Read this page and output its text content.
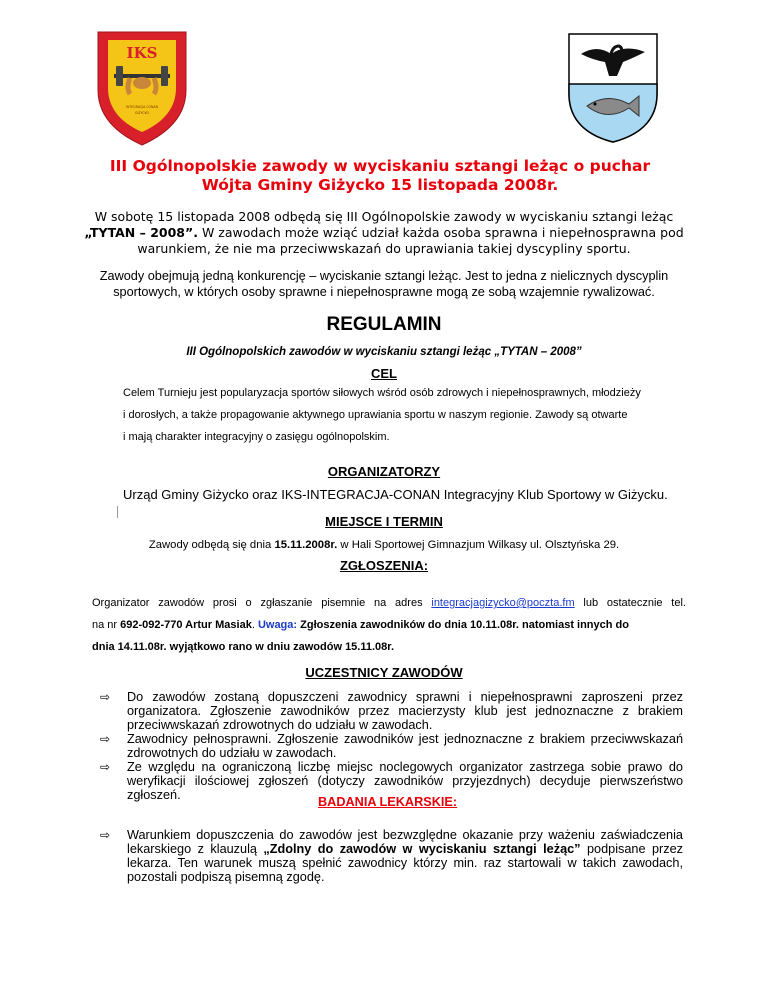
IKS
INTEGRACJA CONAN
GIŻYCKO
III Ogólnopolskie zawody w wyciskaniu sztangi leżąc o puchar
Wójta Gminy Giżycko 15 listopada 2008r.
W sobotę 15 listopada 2008 odbędą się III Ogólnopolskie zawody w wyciskaniu sztangi leżąc
„TYTAN – 2008”. W zawodach może wziąć udział każda osoba sprawna i niepełnosprawna pod warunkiem, że nie ma przeciwwskazań do uprawiania takiej dyscypliny sportu.
Zawody obejmują jedną konkurencję – wyciskanie sztangi leżąc. Jest to jedna z nielicznych dyscyplin sportowych, w których osoby sprawne i niepełnosprawne mogą ze sobą wzajemnie rywalizować.
REGULAMIN
III Ogólnopolskich zawodów w wyciskaniu sztangi leżąc „TYTAN – 2008”
CEL
Celem Turnieju jest popularyzacja sportów siłowych wśród osób zdrowych i niepełnosprawnych, młodzieży
i dorosłych, a także propagowanie aktywnego uprawiania sportu w naszym regionie. Zawody są otwarte
i mają charakter integracyjny o zasięgu ogólnopolskim.
ORGANIZATORZY
Urząd Gminy Giżycko oraz IKS-INTEGRACJA-CONAN Integracyjny Klub Sportowy w Giżycku.
MIEJSCE I TERMIN
Zawody odbędą się dnia 15.11.2008r. w Hali Sportowej Gimnazjum Wilkasy ul. Olsztyńska 29.
ZGŁOSZENIA:
Organizator zawodów prosi o zgłaszanie pisemnie na adres integracjagizycko@poczta.fm lub ostatecznie tel.
na nr 692-092-770 Artur Masiak. Uwaga: Zgłoszenia zawodników do dnia 10.11.08r. natomiast innych do
dnia 14.11.08r. wyjątkowo rano w dniu zawodów 15.11.08r.
UCZESTNICY ZAWODÓW
⇨ Do zawodów zostaną dopuszczeni zawodnicy sprawni i niepełnosprawni zaproszeni przez organizatora. Zgłoszenie zawodników przez macierzysty klub jest jednoznaczne z brakiem przeciwwskazań zdrowotnych do udziału w zawodach.
⇨ Zawodnicy pełnosprawni. Zgłoszenie zawodników jest jednoznaczne z brakiem przeciwwskazań zdrowotnych do udziału w zawodach.
⇨ Ze względu na ograniczoną liczbę miejsc noclegowych organizator zastrzega sobie prawo do weryfikacji ilościowej zgłoszeń (dotyczy zawodników przyjezdnych) decyduje pierwszeństwo zgłoszeń.	BADANIA LEKARSKIE:
⇨ Warunkiem dopuszczenia do zawodów jest bezwzględne okazanie przy ważeniu zaświadczenia lekarskiego z klauzulą „Zdolny do zawodów w wyciskaniu sztangi leżąc” podpisane przez lekarza. Ten warunek muszą spełnić zawodnicy którzy min. raz startowali w takich zawodach, pozostali podpiszą pisemną zgodę.
